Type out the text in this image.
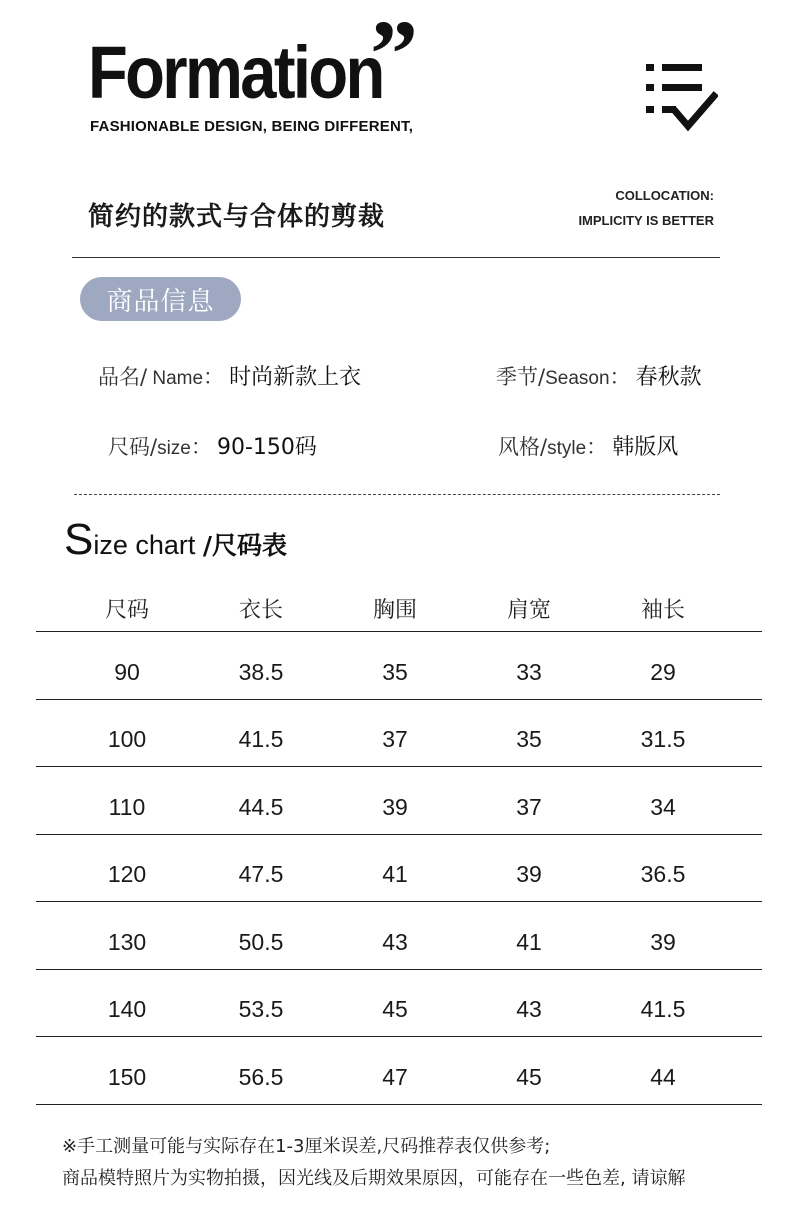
Formation
”
FASHIONABLE DESIGN, BEING DIFFERENT,
简约的款式与合体的剪裁
COLLOCATION:
IMPLICITY IS BETTER
商品信息
品名/ Name： 时尚新款上衣	季节/Season： 春秋款
尺码/size： 90-150码	风格/style： 韩版风
Size chart /尺码表
尺码	衣长	胸围	肩宽	袖长
90	38.5	35	33	29
100	41.5	37	35	31.5
110	44.5	39	37	34
120	47.5	41	39	36.5
130	50.5	43	41	39
140	53.5	45	43	41.5
150	56.5	47	45	44
※手工测量可能与实际存在1-3厘米误差,尺码推荐表仅供参考;
商品模特照片为实物拍摄，因光线及后期效果原因，可能存在一些色差, 请谅解
